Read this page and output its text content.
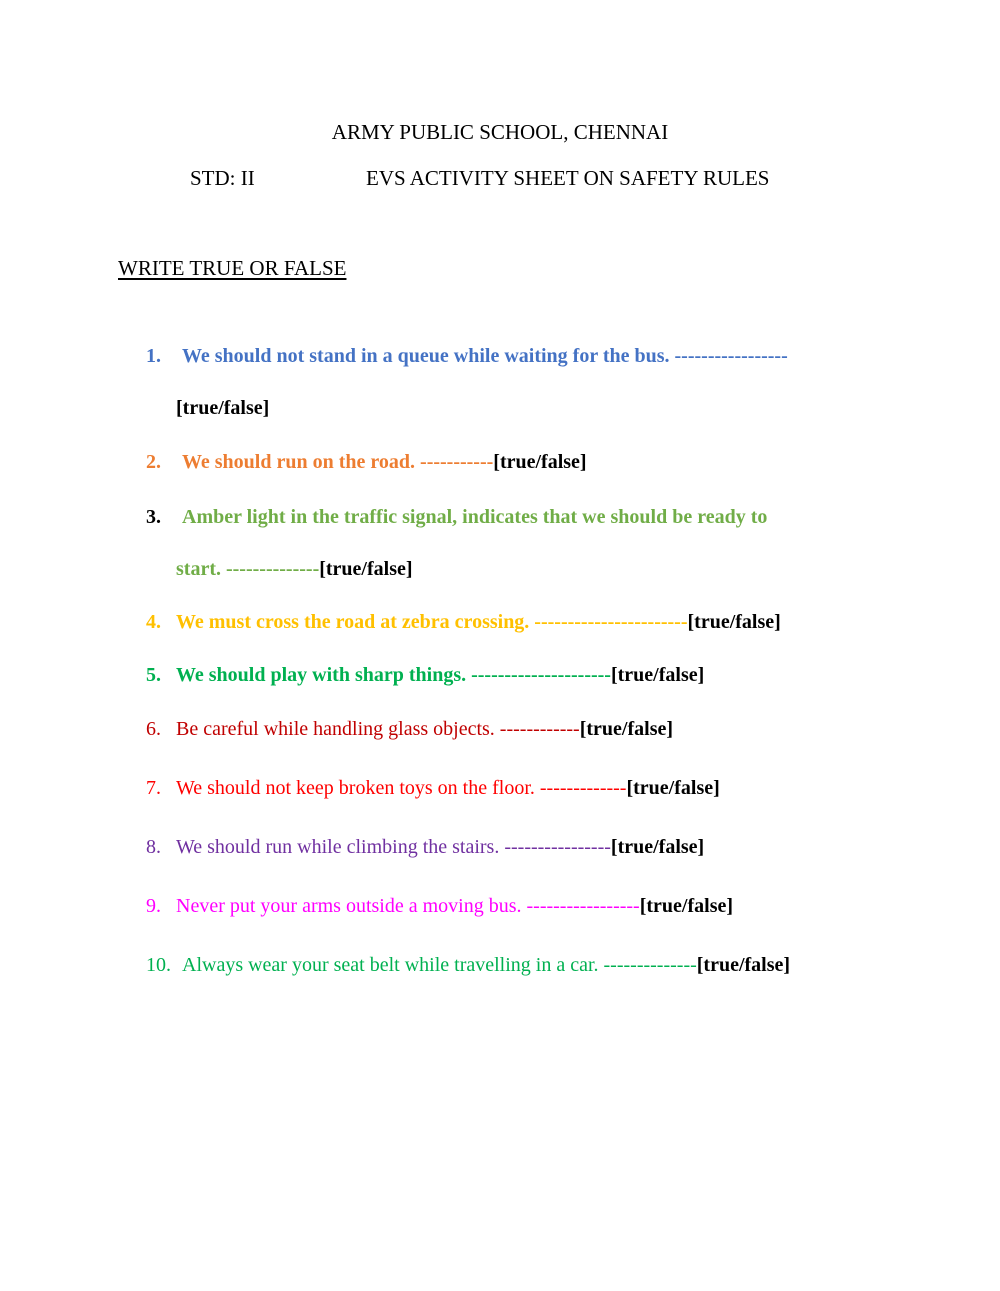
ARMY PUBLIC SCHOOL, CHENNAI
STD: II	EVS ACTIVITY SHEET ON SAFETY RULES
WRITE TRUE OR FALSE
1. We should not stand in a queue while waiting for the bus. -----------------
[true/false]
2. We should run on the road. -----------[true/false]
3. Amber light in the traffic signal, indicates that we should be ready to
start. --------------[true/false]
4. We must cross the road at zebra crossing. -----------------------[true/false]
5. We should play with sharp things. ---------------------[true/false]
6. Be careful while handling glass objects. ------------[true/false]
7. We should not keep broken toys on the floor. -------------[true/false]
8. We should run while climbing the stairs. ----------------[true/false]
9. Never put your arms outside a moving bus. -----------------[true/false]
10. Always wear your seat belt while travelling in a car. --------------[true/false]
